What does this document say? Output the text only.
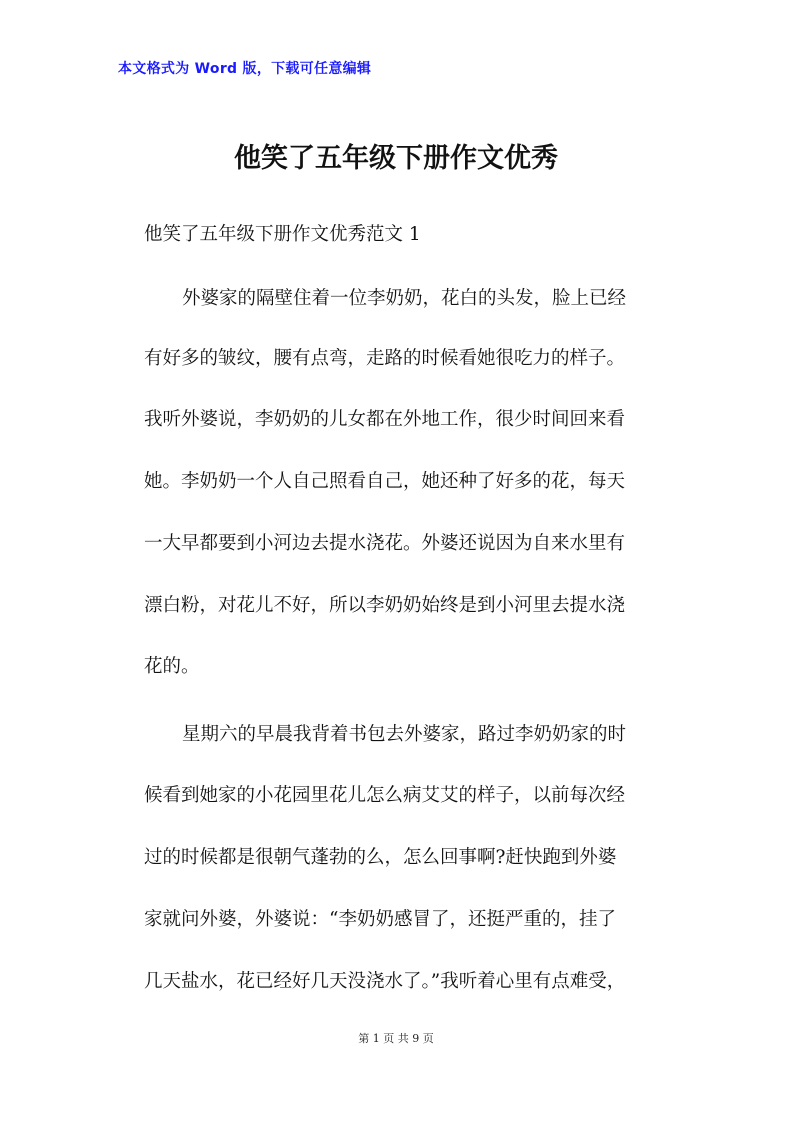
本文格式为 Word 版，下载可任意编辑
他笑了五年级下册作文优秀
他笑了五年级下册作文优秀范文 1
外婆家的隔壁住着一位李奶奶，花白的头发，脸上已经
有好多的皱纹，腰有点弯，走路的时候看她很吃力的样子。
我听外婆说，李奶奶的儿女都在外地工作，很少时间回来看
她。李奶奶一个人自己照看自己，她还种了好多的花，每天
一大早都要到小河边去提水浇花。外婆还说因为自来水里有
漂白粉，对花儿不好，所以李奶奶始终是到小河里去提水浇
花的。
星期六的早晨我背着书包去外婆家，路过李奶奶家的时
候看到她家的小花园里花儿怎么病艾艾的样子，以前每次经
过的时候都是很朝气蓬勃的么，怎么回事啊?赶快跑到外婆
家就问外婆，外婆说：“李奶奶感冒了，还挺严重的，挂了
几天盐水，花已经好几天没浇水了。”我听着心里有点难受，
第 1 页 共 9 页
